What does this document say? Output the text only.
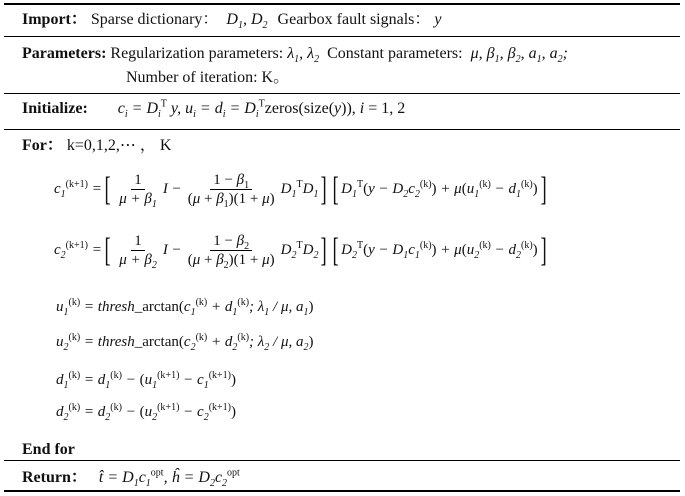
Import： Sparse dictionary：  $D_1$, $D_2$ Gearbox fault signals： y
Parameters: Regularization parameters: $\lambda_1$, $\lambda_2$ Constant parameters:  μ, $\beta_1$, $\beta_2$, $a_1$, $a_2$;
Number of iteration: K。
Initialize: $c_i = D_i^T$ y, $u_i = d_i$ = $D_i^Tzeros(size(y))$, i = 1, 2
For： k=0,1,2,⋯ ， K
$c_1^{(k+1)}$ = [ $\frac{1}{\mu + \beta_1}$ $I - \frac{1 - \beta_1}{(\mu + \beta_1)(1 + \mu)} D_1^TD_1$ ] [ $D_1^T(y - D_2c_2^{(k)}) + \mu(u_1^{(k)} - d_1^{(k)})$ ]
$c_2^{(k+1)}$ = [ $\frac{1}{\mu + \beta_2}$ $I - \frac{1 - \beta_2}{(\mu + \beta_2)(1 + \mu)} D_2^TD_2$ ] [ $D_2^T(y - D_1c_1^{(k)}) + \mu(u_2^{(k)} - d_2^{(k)})$ ]
$u_1^{(k)}$ = $thresh\_\arctan(c_1^{(k)} + d_1^{(k)}$; $\lambda_1$ / μ, $a_1$)
$u_2^{(k)}$ = $thresh\_\arctan(c_2^{(k)} + d_2^{(k)}$; $\lambda_2$ / μ, $a_2$)
$d_1^{(k)} = d_1^{(k)} - (u_1^{(k+1)} - c_1^{(k+1)})$
$d_2^{(k)} = d_2^{(k)} - (u_2^{(k+1)} - c_2^{(k+1)})$
End for
Return： t̂ = $D_1c_1^{opt}$, ĥ = $D_2c_2^{opt}$
